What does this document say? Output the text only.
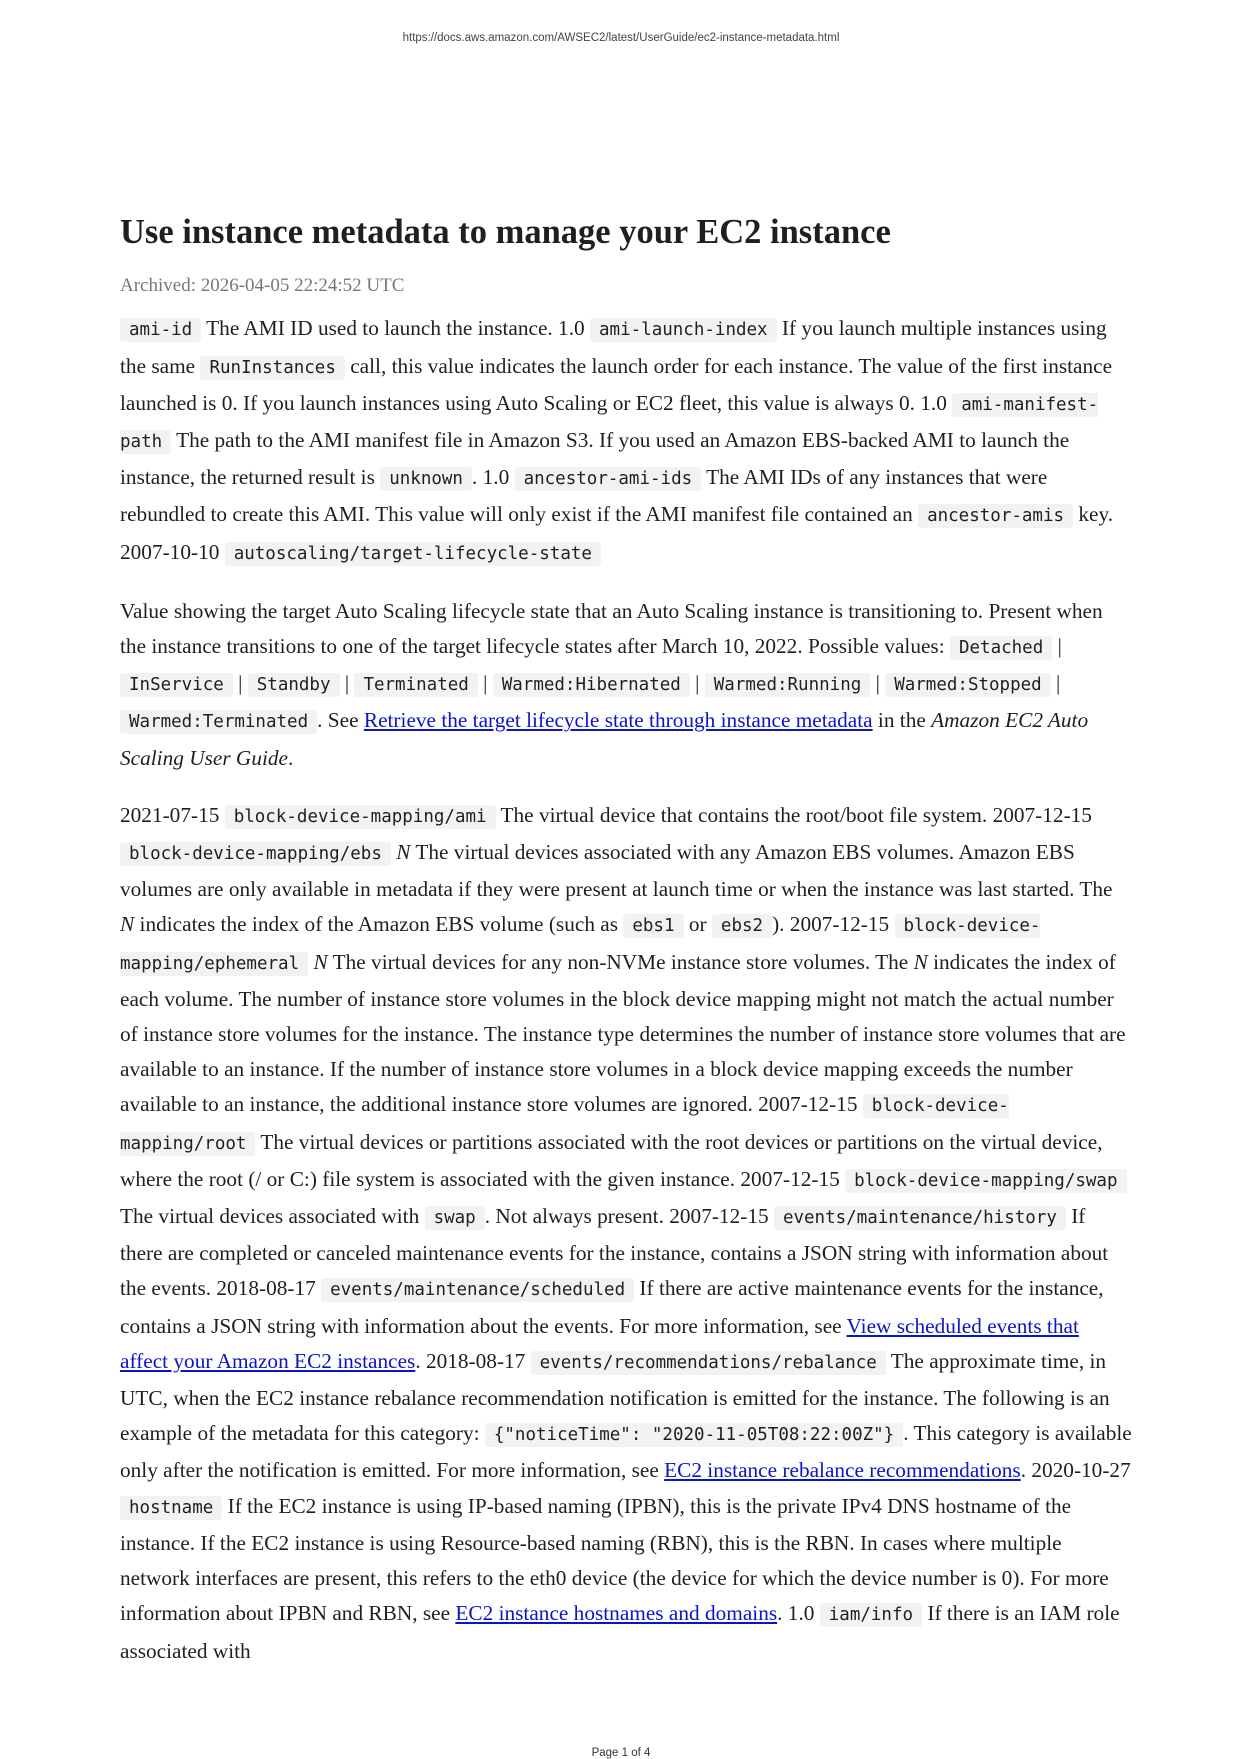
https://docs.aws.amazon.com/AWSEC2/latest/UserGuide/ec2-instance-metadata.html
Use instance metadata to manage your EC2 instance
Archived: 2026-04-05 22:24:52 UTC

ami-id The AMI ID used to launch the instance. 1.0 ami-launch-index If you launch multiple instances using the same RunInstances call, this value indicates the launch order for each instance. The value of the first instance launched is 0. If you launch instances using Auto Scaling or EC2 fleet, this value is always 0. 1.0 ami-manifest-path The path to the AMI manifest file in Amazon S3. If you used an Amazon EBS-backed AMI to launch the instance, the returned result is unknown . 1.0 ancestor-ami-ids The AMI IDs of any instances that were rebundled to create this AMI. This value will only exist if the AMI manifest file contained an ancestor-amis key. 2007-10-10 autoscaling/target-lifecycle-state

Value showing the target Auto Scaling lifecycle state that an Auto Scaling instance is transitioning to. Present when the instance transitions to one of the target lifecycle states after March 10, 2022. Possible values: Detached | InService | Standby | Terminated | Warmed:Hibernated | Warmed:Running | Warmed:Stopped | Warmed:Terminated . See Retrieve the target lifecycle state through instance metadata in the Amazon EC2 Auto Scaling User Guide.

2021-07-15 block-device-mapping/ami The virtual device that contains the root/boot file system. 2007-12-15 block-device-mapping/ebs N The virtual devices associated with any Amazon EBS volumes. Amazon EBS volumes are only available in metadata if they were present at launch time or when the instance was last started. The N indicates the index of the Amazon EBS volume (such as ebs1 or ebs2 ). 2007-12-15 block-device-mapping/ephemeral N The virtual devices for any non-NVMe instance store volumes. The N indicates the index of each volume. The number of instance store volumes in the block device mapping might not match the actual number of instance store volumes for the instance. The instance type determines the number of instance store volumes that are available to an instance. If the number of instance store volumes in a block device mapping exceeds the number available to an instance, the additional instance store volumes are ignored. 2007-12-15 block-device-mapping/root The virtual devices or partitions associated with the root devices or partitions on the virtual device, where the root (/ or C:) file system is associated with the given instance. 2007-12-15 block-device-mapping/swap The virtual devices associated with swap . Not always present. 2007-12-15 events/maintenance/history If there are completed or canceled maintenance events for the instance, contains a JSON string with information about the events. 2018-08-17 events/maintenance/scheduled If there are active maintenance events for the instance, contains a JSON string with information about the events. For more information, see View scheduled events that affect your Amazon EC2 instances. 2018-08-17 events/recommendations/rebalance The approximate time, in UTC, when the EC2 instance rebalance recommendation notification is emitted for the instance. The following is an example of the metadata for this category: {"noticeTime": "2020-11-05T08:22:00Z"} . This category is available only after the notification is emitted. For more information, see EC2 instance rebalance recommendations. 2020-10-27 hostname If the EC2 instance is using IP-based naming (IPBN), this is the private IPv4 DNS hostname of the instance. If the EC2 instance is using Resource-based naming (RBN), this is the RBN. In cases where multiple network interfaces are present, this refers to the eth0 device (the device for which the device number is 0). For more information about IPBN and RBN, see EC2 instance hostnames and domains. 1.0 iam/info If there is an IAM role associated with

Page 1 of 4
